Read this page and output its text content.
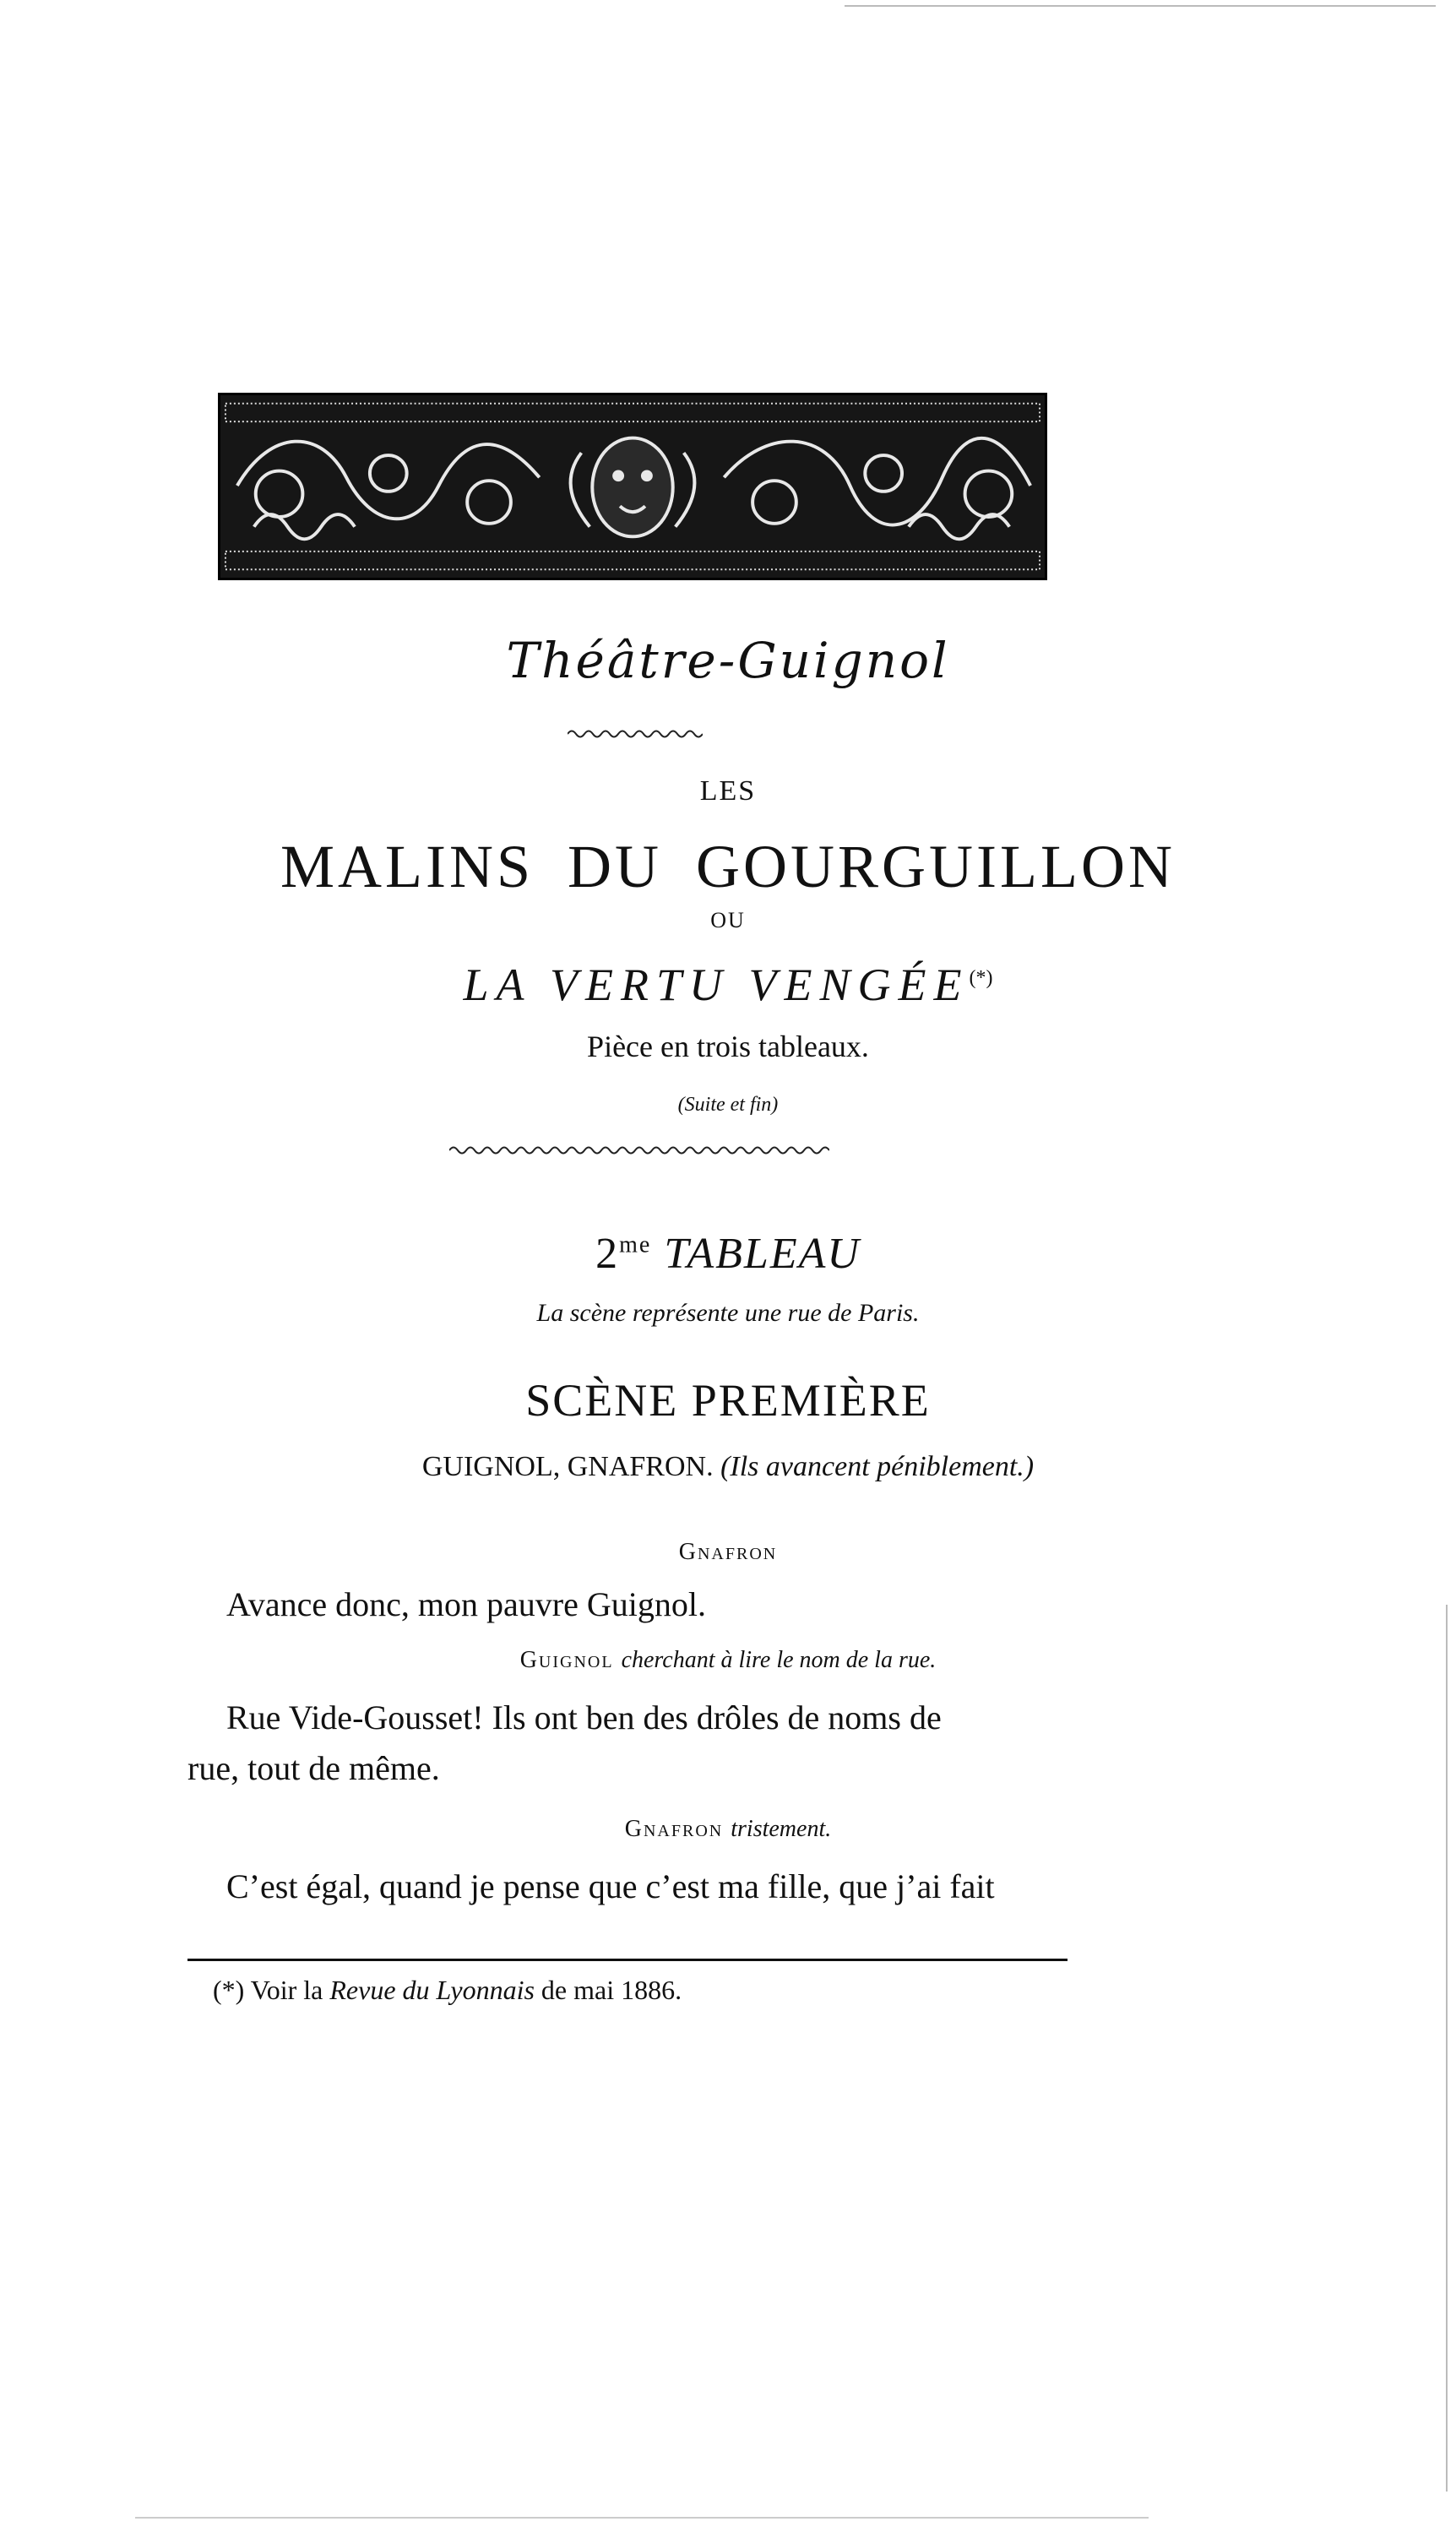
Théâtre-Guignol
LES
MALINS DU GOURGUILLON
OU
LA VERTU VENGÉE(*)
Pièce en trois tableaux.
(Suite et fin)
$2^{me}$ TABLEAU
La scène représente une rue de Paris.
SCÈNE PREMIÈRE
GUIGNOL, GNAFRON. (Ils avancent péniblement.)
Gnafron
Avance donc, mon pauvre Guignol.
Guignol cherchant à lire le nom de la rue.
Rue Vide-Gousset! Ils ont ben des drôles de noms de
rue, tout de même.
Gnafron tristement.
C’est égal, quand je pense que c’est ma fille, que j’ai fait
(*) Voir la Revue du Lyonnais de mai 1886.
